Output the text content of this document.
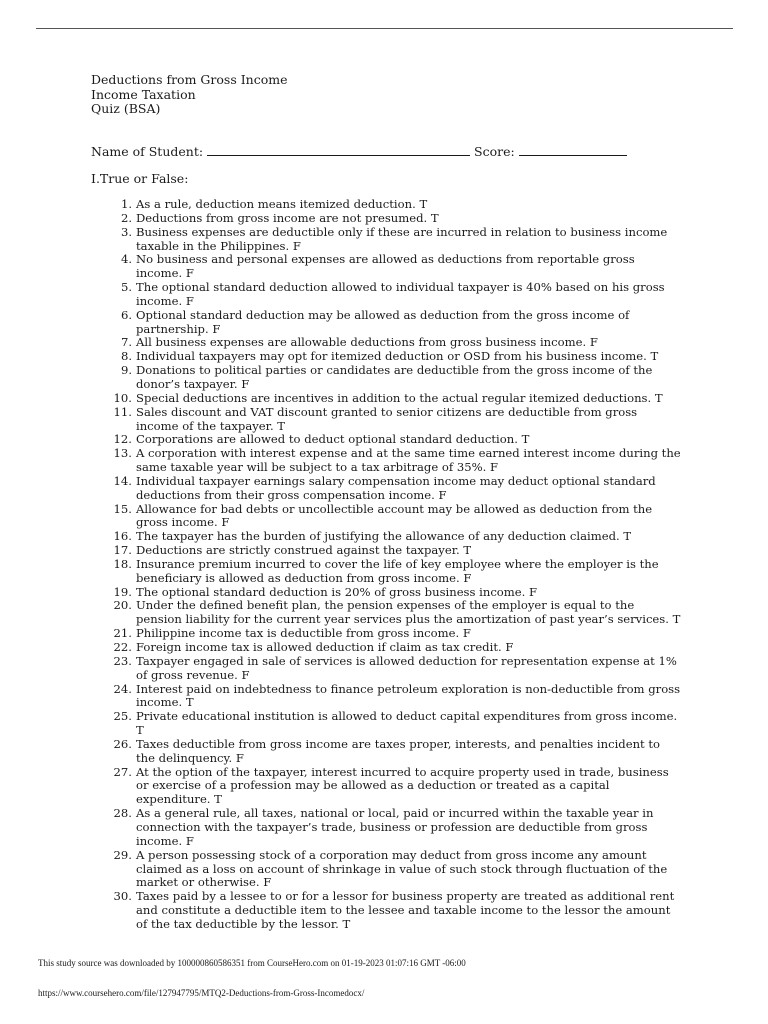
Deductions from Gross Income
Income Taxation
Quiz (BSA)
Name of Student:	Score:
I.True or False:
1. As a rule, deduction means itemized deduction. T
2. Deductions from gross income are not presumed. T
3. Business expenses are deductible only if these are incurred in relation to business income taxable in the Philippines. F
4. No business and personal expenses are allowed as deductions from reportable gross income. F
5. The optional standard deduction allowed to individual taxpayer is 40% based on his gross income. F
6. Optional standard deduction may be allowed as deduction from the gross income of partnership. F
7. All business expenses are allowable deductions from gross business income. F
8. Individual taxpayers may opt for itemized deduction or OSD from his business income. T
9. Donations to political parties or candidates are deductible from the gross income of the donor’s taxpayer. F
10. Special deductions are incentives in addition to the actual regular itemized deductions. T
11. Sales discount and VAT discount granted to senior citizens are deductible from gross income of the taxpayer. T
12. Corporations are allowed to deduct optional standard deduction. T
13. A corporation with interest expense and at the same time earned interest income during the same taxable year will be subject to a tax arbitrage of 35%. F
14. Individual taxpayer earnings salary compensation income may deduct optional standard deductions from their gross compensation income. F
15. Allowance for bad debts or uncollectible account may be allowed as deduction from the gross income. F
16. The taxpayer has the burden of justifying the allowance of any deduction claimed. T
17. Deductions are strictly construed against the taxpayer. T
18. Insurance premium incurred to cover the life of key employee where the employer is the beneficiary is allowed as deduction from gross income. F
19. The optional standard deduction is 20% of gross business income. F
20. Under the defined benefit plan, the pension expenses of the employer is equal to the pension liability for the current year services plus the amortization of past year’s services. T
21. Philippine income tax is deductible from gross income. F
22. Foreign income tax is allowed deduction if claim as tax credit. F
23. Taxpayer engaged in sale of services is allowed deduction for representation expense at 1% of gross revenue. F
24. Interest paid on indebtedness to finance petroleum exploration is non-deductible from gross income. T
25. Private educational institution is allowed to deduct capital expenditures from gross income. T
26. Taxes deductible from gross income are taxes proper, interests, and penalties incident to the delinquency. F
27. At the option of the taxpayer, interest incurred to acquire property used in trade, business or exercise of a profession may be allowed as a deduction or treated as a capital expenditure. T
28. As a general rule, all taxes, national or local, paid or incurred within the taxable year in connection with the taxpayer’s trade, business or profession are deductible from gross income. F
29. A person possessing stock of a corporation may deduct from gross income any amount claimed as a loss on account of shrinkage in value of such stock through fluctuation of the market or otherwise. F
30. Taxes paid by a lessee to or for a lessor for business property are treated as additional rent and constitute a deductible item to the lessee and taxable income to the lessor the amount of the tax deductible by the lessor. T
This study source was downloaded by 100000860586351 from CourseHero.com on 01-19-2023 01:07:16 GMT -06:00
https://www.coursehero.com/file/127947795/MTQ2-Deductions-from-Gross-Incomedocx/
